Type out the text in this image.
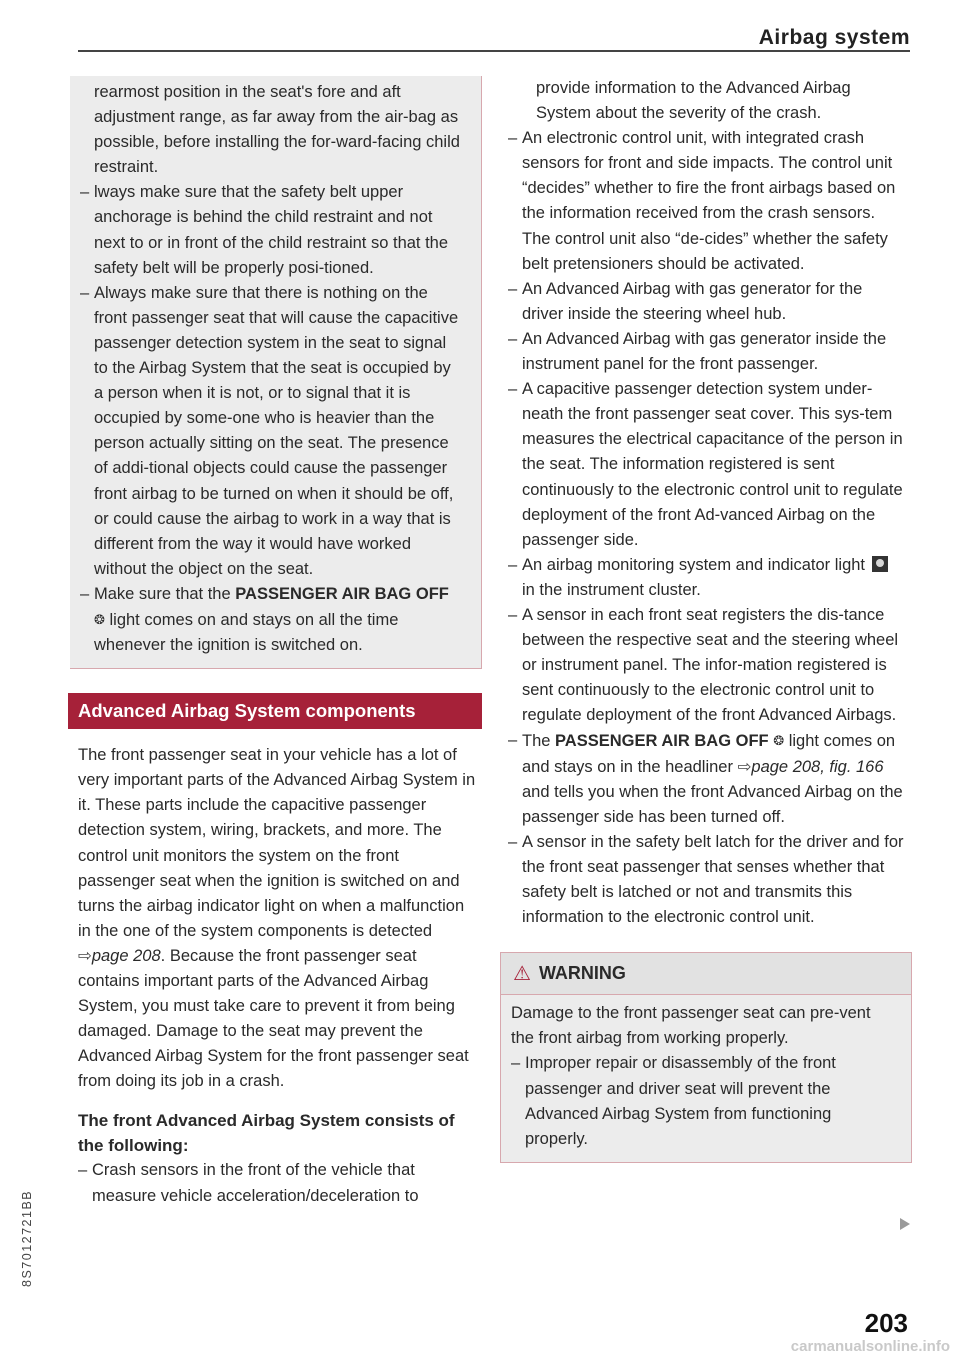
Airbag system
rearmost position in the seat's fore and aft adjustment range, as far away from the air-bag as possible, before installing the for-ward-facing child restraint.
– lways make sure that the safety belt upper anchorage is behind the child restraint and not next to or in front of the child restraint so that the safety belt will be properly posi-tioned.
– Always make sure that there is nothing on the front passenger seat that will cause the capacitive passenger detection system in the seat to signal to the Airbag System that the seat is occupied by a person when it is not, or to signal that it is occupied by some-one who is heavier than the person actually sitting on the seat. The presence of addi-tional objects could cause the passenger front airbag to be turned on when it should be off, or could cause the airbag to work in a way that is different from the way it would have worked without the object on the seat.
– Make sure that the PASSENGER AIR BAG OFF ❂ light comes on and stays on all the time whenever the ignition is switched on.
Advanced Airbag System components

The front passenger seat in your vehicle has a lot of very important parts of the Advanced Airbag System in it. These parts include the capacitive passenger detection system, wiring, brackets, and more. The control unit monitors the system on the front passenger seat when the ignition is switched on and turns the airbag indicator light on when a malfunction in the one of the system components is detected ⇨page 208. Because the front passenger seat contains important parts of the Advanced Airbag System, you must take care to prevent it from being damaged. Damage to the seat may prevent the Advanced Airbag System for the front passenger seat from doing its job in a crash.

The front Advanced Airbag System consists of the following:

– Crash sensors in the front of the vehicle that measure vehicle acceleration/deceleration to
provide information to the Advanced Airbag System about the severity of the crash.
– An electronic control unit, with integrated crash sensors for front and side impacts. The control unit “decides” whether to fire the front airbags based on the information received from the crash sensors. The control unit also “de-cides” whether the safety belt pretensioners should be activated.
– An Advanced Airbag with gas generator for the driver inside the steering wheel hub.
– An Advanced Airbag with gas generator inside the instrument panel for the front passenger.
– A capacitive passenger detection system under-neath the front passenger seat cover. This sys-tem measures the electrical capacitance of the person in the seat. The information registered is sent continuously to the electronic control unit to regulate deployment of the front Ad-vanced Airbag on the passenger side.
– An airbag monitoring system and indicator light  in the instrument cluster.
– A sensor in each front seat registers the dis-tance between the respective seat and the steering wheel or instrument panel. The infor-mation registered is sent continuously to the electronic control unit to regulate deployment of the front Advanced Airbags.
– The PASSENGER AIR BAG OFF ❂ light comes on and stays on in the headliner ⇨page 208, fig. 166 and tells you when the front Advanced Airbag on the passenger side has been turned off.
– A sensor in the safety belt latch for the driver and for the front seat passenger that senses whether that safety belt is latched or not and transmits this information to the electronic control unit.
⚠ WARNING

Damage to the front passenger seat can pre-vent the front airbag from working properly.

– Improper repair or disassembly of the front passenger and driver seat will prevent the Advanced Airbag System from functioning properly.
203
8S7012721BB
carmanualsonline.info
